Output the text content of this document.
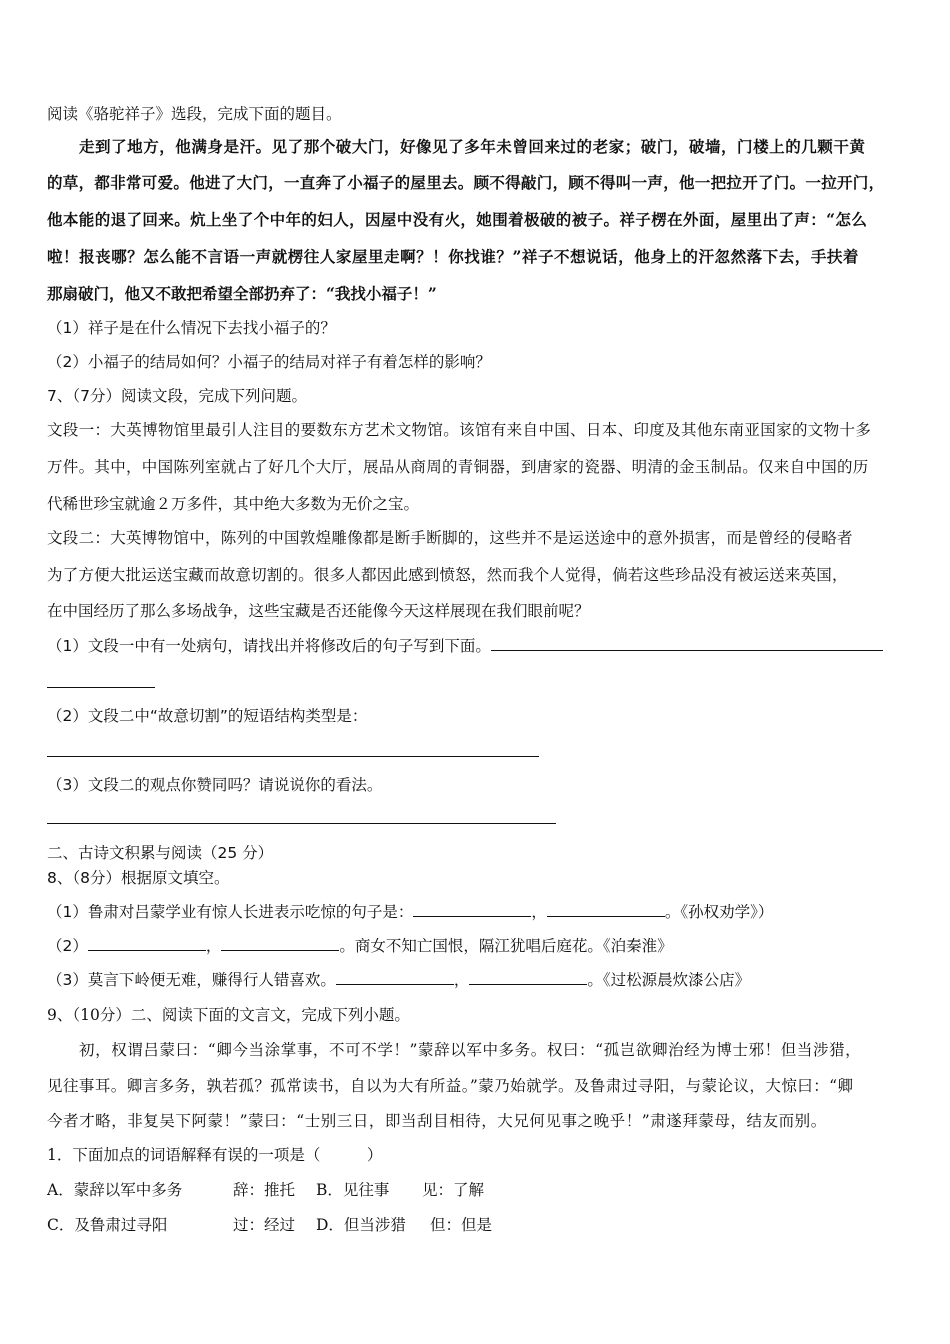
阅读《骆驼祥子》选段，完成下面的题目。
走到了地方，他满身是汗。见了那个破大门，好像见了多年未曾回来过的老家；破门，破墙，门楼上的几颗干黄
的草，都非常可爱。他进了大门，一直奔了小福子的屋里去。顾不得敲门，顾不得叫一声，他一把拉开了门。一拉开门，
他本能的退了回来。炕上坐了个中年的妇人，因屋中没有火，她围着极破的被子。祥子楞在外面，屋里出了声：“怎么
啦！报丧哪？怎么能不言语一声就楞往人家屋里走啊？！你找谁？”祥子不想说话，他身上的汗忽然落下去，手扶着
那扇破门，他又不敢把希望全部扔弃了：“我找小福子！”
（1）祥子是在什么情况下去找小福子的？
（2）小福子的结局如何？小福子的结局对祥子有着怎样的影响？
7、（7分）阅读文段，完成下列问题。
文段一：大英博物馆里最引人注目的要数东方艺术文物馆。该馆有来自中国、日本、印度及其他东南亚国家的文物十多
万件。其中，中国陈列室就占了好几个大厅，展品从商周的青铜器，到唐家的瓷器、明清的金玉制品。仅来自中国的历
代稀世珍宝就逾２万多件，其中绝大多数为无价之宝。
文段二：大英博物馆中，陈列的中国敦煌雕像都是断手断脚的，这些并不是运送途中的意外损害，而是曾经的侵略者
为了方便大批运送宝藏而故意切割的。很多人都因此感到愤怒，然而我个人觉得，倘若这些珍品没有被运送来英国，
在中国经历了那么多场战争，这些宝藏是否还能像今天这样展现在我们眼前呢？
（1）文段一中有一处病句，请找出并将修改后的句子写到下面。
（2）文段二中“故意切割”的短语结构类型是：
（3）文段二的观点你赞同吗？请说说你的看法。
二、古诗文积累与阅读（25 分）
8、（8分）根据原文填空。
（1）鲁肃对吕蒙学业有惊人长进表示吃惊的句子是：	，	。《孙权劝学》）
（2）	，	。商女不知亡国恨，隔江犹唱后庭花。《泊秦淮》
（3）莫言下岭便无难，赚得行人错喜欢。	，	。《过松源晨炊漆公店》
9、（10分）二、阅读下面的文言文，完成下列小题。
初，权谓吕蒙曰：“卿今当涂掌事，不可不学！”蒙辞以军中多务。权曰：“孤岂欲卿治经为博士邪！但当涉猎，
见往事耳。卿言多务，孰若孤？孤常读书，自以为大有所益。”蒙乃始就学。及鲁肃过寻阳，与蒙论议，大惊曰：“卿
今者才略，非复吴下阿蒙！”蒙曰：“士别三日，即当刮目相待，大兄何见事之晚乎！”肃遂拜蒙母，结友而别。
1．下面加点的词语解释有误的一项是（　　　）
A．蒙辞以军中多务	辞：推托 B．见往事 见：了解
C．及鲁肃过寻阳	过：经过 D．但当涉猎 但：但是
